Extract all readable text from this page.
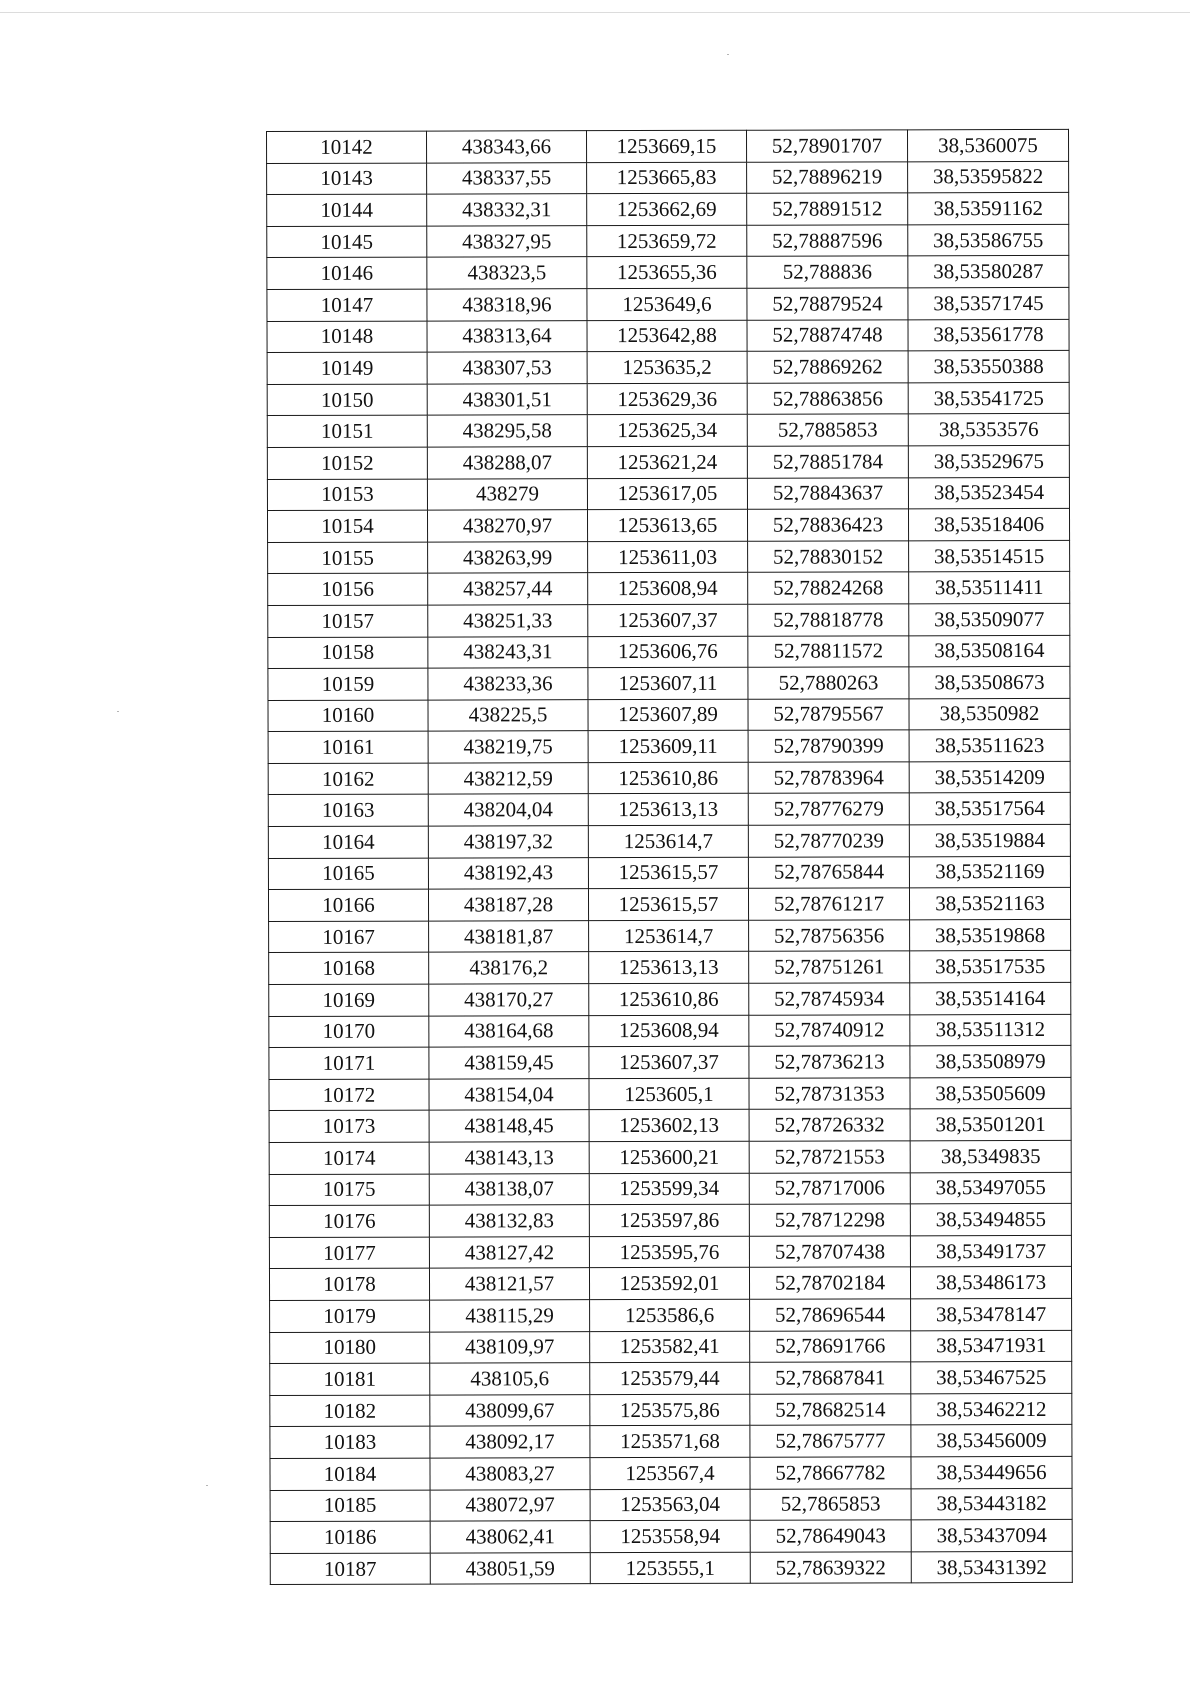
10142	438343,66	1253669,15	52,78901707	38,5360075
10143	438337,55	1253665,83	52,78896219	38,53595822
10144	438332,31	1253662,69	52,78891512	38,53591162
10145	438327,95	1253659,72	52,78887596	38,53586755
10146	438323,5	1253655,36	52,788836	38,53580287
10147	438318,96	1253649,6	52,78879524	38,53571745
10148	438313,64	1253642,88	52,78874748	38,53561778
10149	438307,53	1253635,2	52,78869262	38,53550388
10150	438301,51	1253629,36	52,78863856	38,53541725
10151	438295,58	1253625,34	52,7885853	38,5353576
10152	438288,07	1253621,24	52,78851784	38,53529675
10153	438279	1253617,05	52,78843637	38,53523454
10154	438270,97	1253613,65	52,78836423	38,53518406
10155	438263,99	1253611,03	52,78830152	38,53514515
10156	438257,44	1253608,94	52,78824268	38,53511411
10157	438251,33	1253607,37	52,78818778	38,53509077
10158	438243,31	1253606,76	52,78811572	38,53508164
10159	438233,36	1253607,11	52,7880263	38,53508673
10160	438225,5	1253607,89	52,78795567	38,5350982
10161	438219,75	1253609,11	52,78790399	38,53511623
10162	438212,59	1253610,86	52,78783964	38,53514209
10163	438204,04	1253613,13	52,78776279	38,53517564
10164	438197,32	1253614,7	52,78770239	38,53519884
10165	438192,43	1253615,57	52,78765844	38,53521169
10166	438187,28	1253615,57	52,78761217	38,53521163
10167	438181,87	1253614,7	52,78756356	38,53519868
10168	438176,2	1253613,13	52,78751261	38,53517535
10169	438170,27	1253610,86	52,78745934	38,53514164
10170	438164,68	1253608,94	52,78740912	38,53511312
10171	438159,45	1253607,37	52,78736213	38,53508979
10172	438154,04	1253605,1	52,78731353	38,53505609
10173	438148,45	1253602,13	52,78726332	38,53501201
10174	438143,13	1253600,21	52,78721553	38,5349835
10175	438138,07	1253599,34	52,78717006	38,53497055
10176	438132,83	1253597,86	52,78712298	38,53494855
10177	438127,42	1253595,76	52,78707438	38,53491737
10178	438121,57	1253592,01	52,78702184	38,53486173
10179	438115,29	1253586,6	52,78696544	38,53478147
10180	438109,97	1253582,41	52,78691766	38,53471931
10181	438105,6	1253579,44	52,78687841	38,53467525
10182	438099,67	1253575,86	52,78682514	38,53462212
10183	438092,17	1253571,68	52,78675777	38,53456009
10184	438083,27	1253567,4	52,78667782	38,53449656
10185	438072,97	1253563,04	52,7865853	38,53443182
10186	438062,41	1253558,94	52,78649043	38,53437094
10187	438051,59	1253555,1	52,78639322	38,53431392
